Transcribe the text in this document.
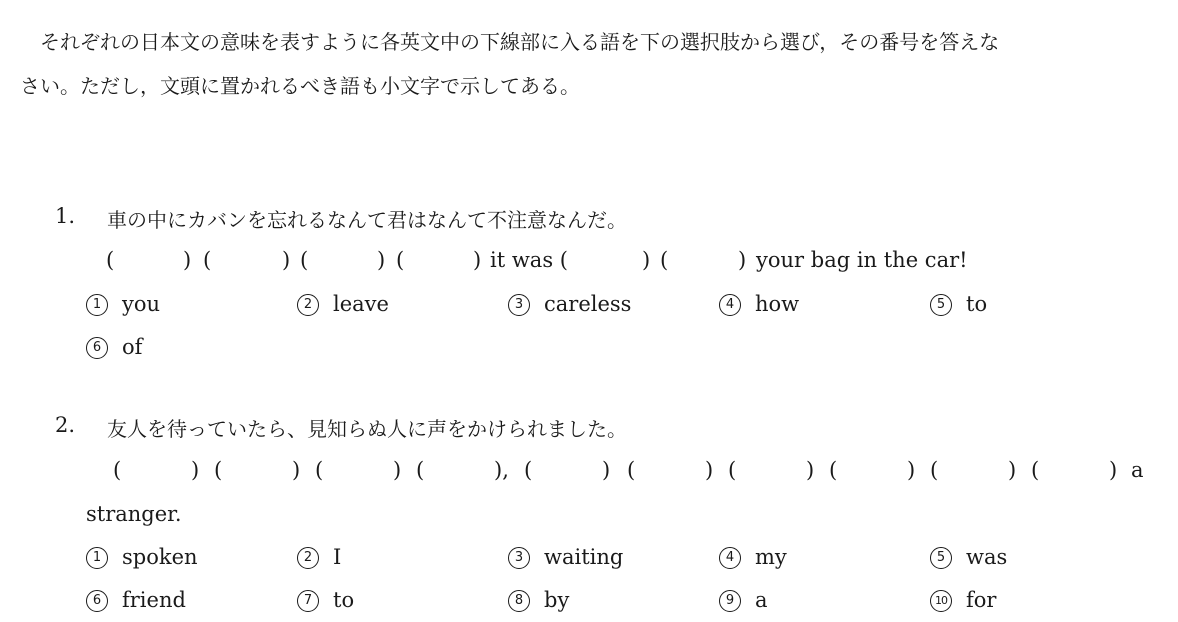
それぞれの日本文の意味を表すように各英文中の下線部に入る語を下の選択肢から選び，その番号を答えな
さい。ただし，文頭に置かれるべき語も小文字で示してある。
1. 車の中にカバンを忘れるなんて君はなんて不注意なんだ。
(	) (	) (	) (	) it was (	) (	) your bag in the car!
1 you	2 leave	3 careless	4 how	5 to
6 of
2. 友人を待っていたら、見知らぬ人に声をかけられました。
(	) (	) (	) (	), (	) (	) (	) (	) (	) (	) a
stranger.
1 spoken	2 I	3 waiting	4 my	5 was
6 friend	7 to	8 by	9 a	10 for
